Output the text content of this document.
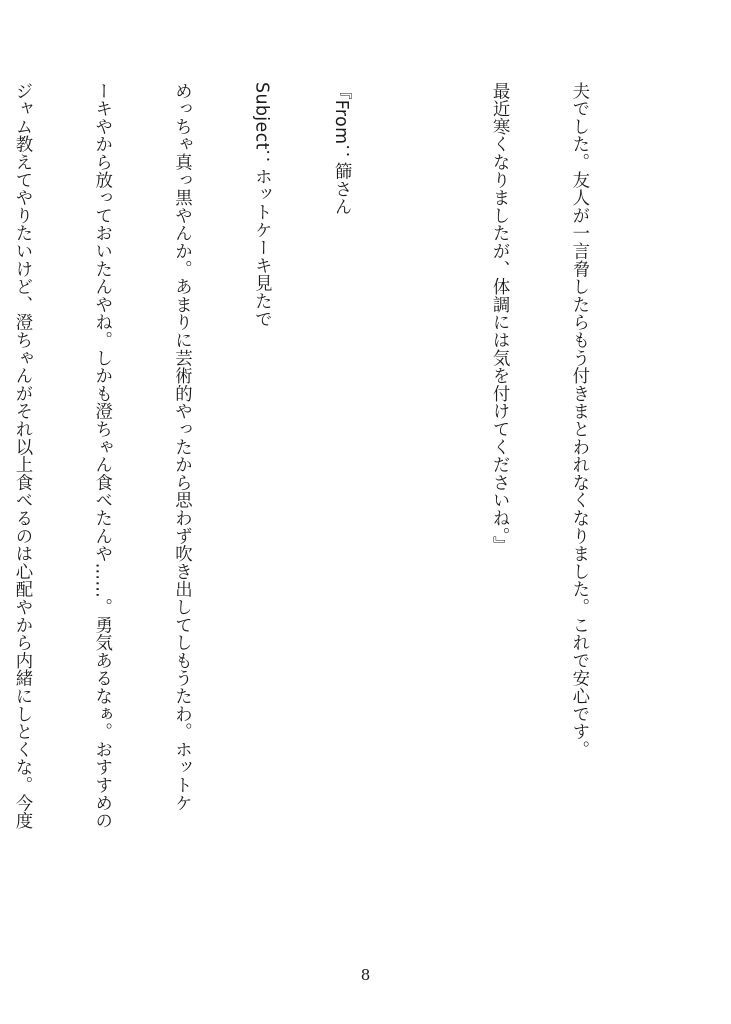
夫でした。友人が一言脅したらもう付きまとわれなくなりました。これで安心です。

最近寒くなりましたが、体調には気を付けてくださいね。』

『From：篩さん

Subject：ホットケーキ見たで

めっちゃ真っ黒やんか。あまりに芸術的やったから思わず吹き出してしもうたわ。ホットケ

ーキやから放っておいたんやね。しかも澄ちゃん食べたんや……。勇気あるなぁ。おすすめの

ジャム教えてやりたいけど、澄ちゃんがそれ以上食べるのは心配やから内緒にしとくな。今度

8
